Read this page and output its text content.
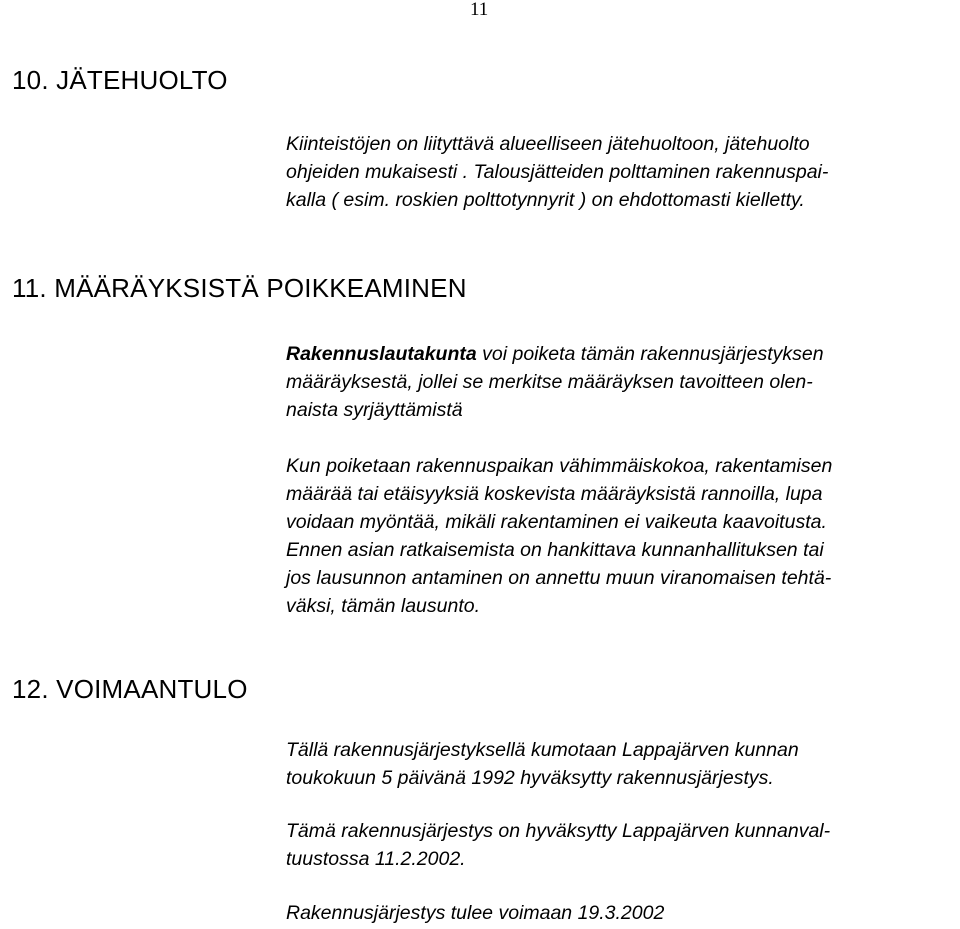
11

10. JÄTEHUOLTO

Kiinteistöjen on liityttävä alueelliseen jätehuoltoon, jätehuolto
ohjeiden mukaisesti . Talousjätteiden polttaminen rakennuspai-
kalla ( esim. roskien polttotynnyrit ) on ehdottomasti kielletty.

11. MÄÄRÄYKSISTÄ POIKKEAMINEN

Rakennuslautakunta voi poiketa tämän rakennusjärjestyksen
määräyksestä, jollei se merkitse määräyksen tavoitteen olen-
naista syrjäyttämistä

Kun poiketaan rakennuspaikan vähimmäiskokoa, rakentamisen
määrää tai etäisyyksiä koskevista määräyksistä rannoilla, lupa
voidaan myöntää, mikäli rakentaminen ei vaikeuta kaavoitusta.
Ennen asian ratkaisemista on hankittava kunnanhallituksen tai
jos lausunnon antaminen on annettu muun viranomaisen tehtä-
väksi, tämän lausunto.

12. VOIMAANTULO

Tällä rakennusjärjestyksellä kumotaan Lappajärven kunnan
toukokuun 5 päivänä 1992 hyväksytty rakennusjärjestys.

Tämä rakennusjärjestys on hyväksytty Lappajärven kunnanval-
tuustossa 11.2.2002.

Rakennusjärjestys tulee voimaan 19.3.2002
